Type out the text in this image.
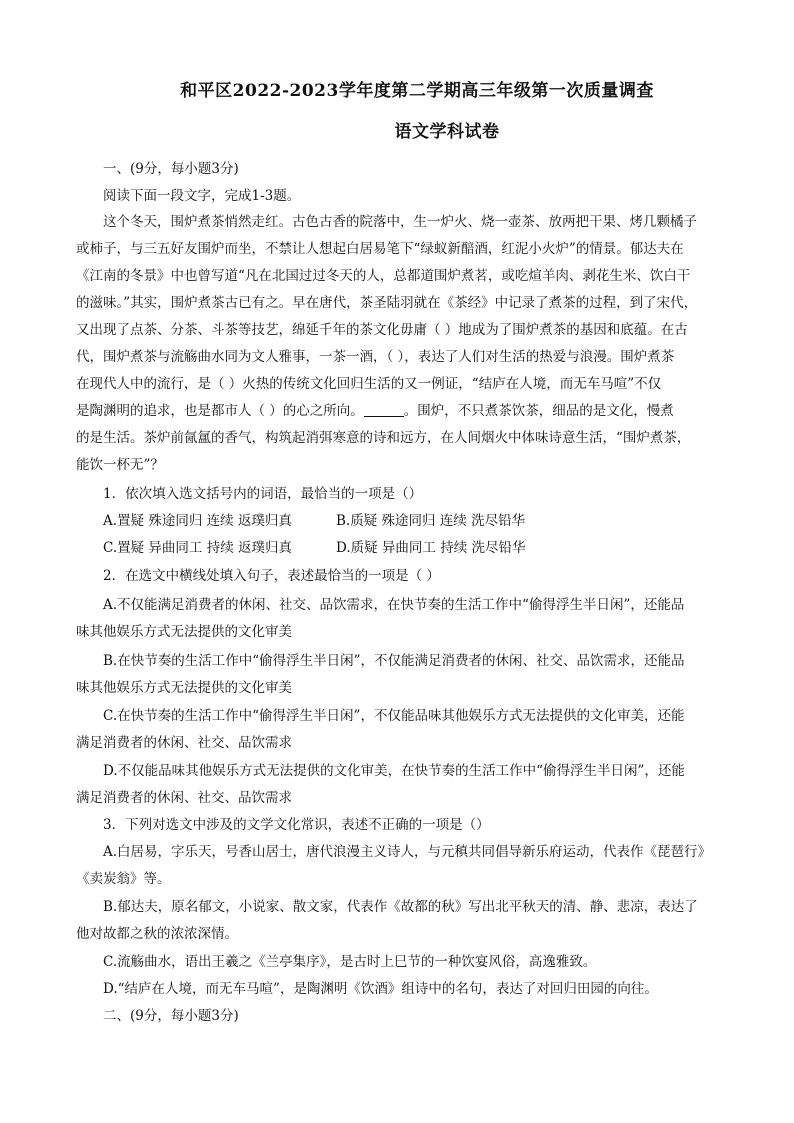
和平区2022-2023学年度第二学期高三年级第一次质量调查
语文学科试卷
一、(9分，每小题3分)
阅读下面一段文字，完成1-3题。
这个冬天，围炉煮茶悄然走红。古色古香的院落中，生一炉火、烧一壶茶、放两把干果、烤几颗橘子
或柿子，与三五好友围炉而坐，不禁让人想起白居易笔下“绿蚁新醅酒，红泥小火炉”的情景。郁达夫在
《江南的冬景》中也曾写道“凡在北国过过冬天的人，总都道围炉煮茗，或吃煊羊肉、剥花生米、饮白干
的滋味。”其实，围炉煮茶古已有之。早在唐代，茶圣陆羽就在《茶经》中记录了煮茶的过程，到了宋代，
又出现了点茶、分茶、斗茶等技艺，绵延千年的茶文化毋庸（ ）地成为了围炉煮茶的基因和底蕴。在古
代，围炉煮茶与流觞曲水同为文人雅事，一茶一酒，（ ），表达了人们对生活的热爱与浪漫。围炉煮茶
在现代人中的流行，是（ ）火热的传统文化回归生活的又一例证，“结庐在人境，而无车马喧”不仅
是陶渊明的追求，也是都市人（ ）的心之所向。	。围炉，不只煮茶饮茶，细品的是文化，慢煮
的是生活。茶炉前氤氲的香气，构筑起消弭寒意的诗和远方，在人间烟火中体味诗意生活，“围炉煮茶，
能饮一杯无”？
1．依次填入选文括号内的词语，最恰当的一项是（）
A.置疑 殊途同归 连续 返璞归真	B.质疑 殊途同归 连续 洗尽铅华
C.置疑 异曲同工 持续 返璞归真	D.质疑 异曲同工 持续 洗尽铅华
2．在选文中横线处填入句子，表述最恰当的一项是（ ）
A.不仅能满足消费者的休闲、社交、品饮需求，在快节奏的生活工作中“偷得浮生半日闲”，还能品
味其他娱乐方式无法提供的文化审美
B.在快节奏的生活工作中“偷得浮生半日闲”，不仅能满足消费者的休闲、社交、品饮需求，还能品
味其他娱乐方式无法提供的文化审美
C.在快节奏的生活工作中“偷得浮生半日闲”，不仅能品味其他娱乐方式无法提供的文化审美，还能
满足消费者的休闲、社交、品饮需求
D.不仅能品味其他娱乐方式无法提供的文化审美，在快节奏的生活工作中“偷得浮生半日闲”，还能
满足消费者的休闲、社交、品饮需求
3．下列对选文中涉及的文学文化常识，表述不正确的一项是（）
A.白居易，字乐天，号香山居士，唐代浪漫主义诗人，与元稹共同倡导新乐府运动，代表作《琵琶行》
《卖炭翁》等。
B.郁达夫，原名郁文，小说家、散文家，代表作《故都的秋》写出北平秋天的清、静、悲凉，表达了
他对故都之秋的浓浓深情。
C.流觞曲水，语出王羲之《兰亭集序》，是古时上巳节的一种饮宴风俗，高逸雅致。
D.“结庐在人境，而无车马喧”，是陶渊明《饮酒》组诗中的名句，表达了对回归田园的向往。
二、(9分，每小题3分)
